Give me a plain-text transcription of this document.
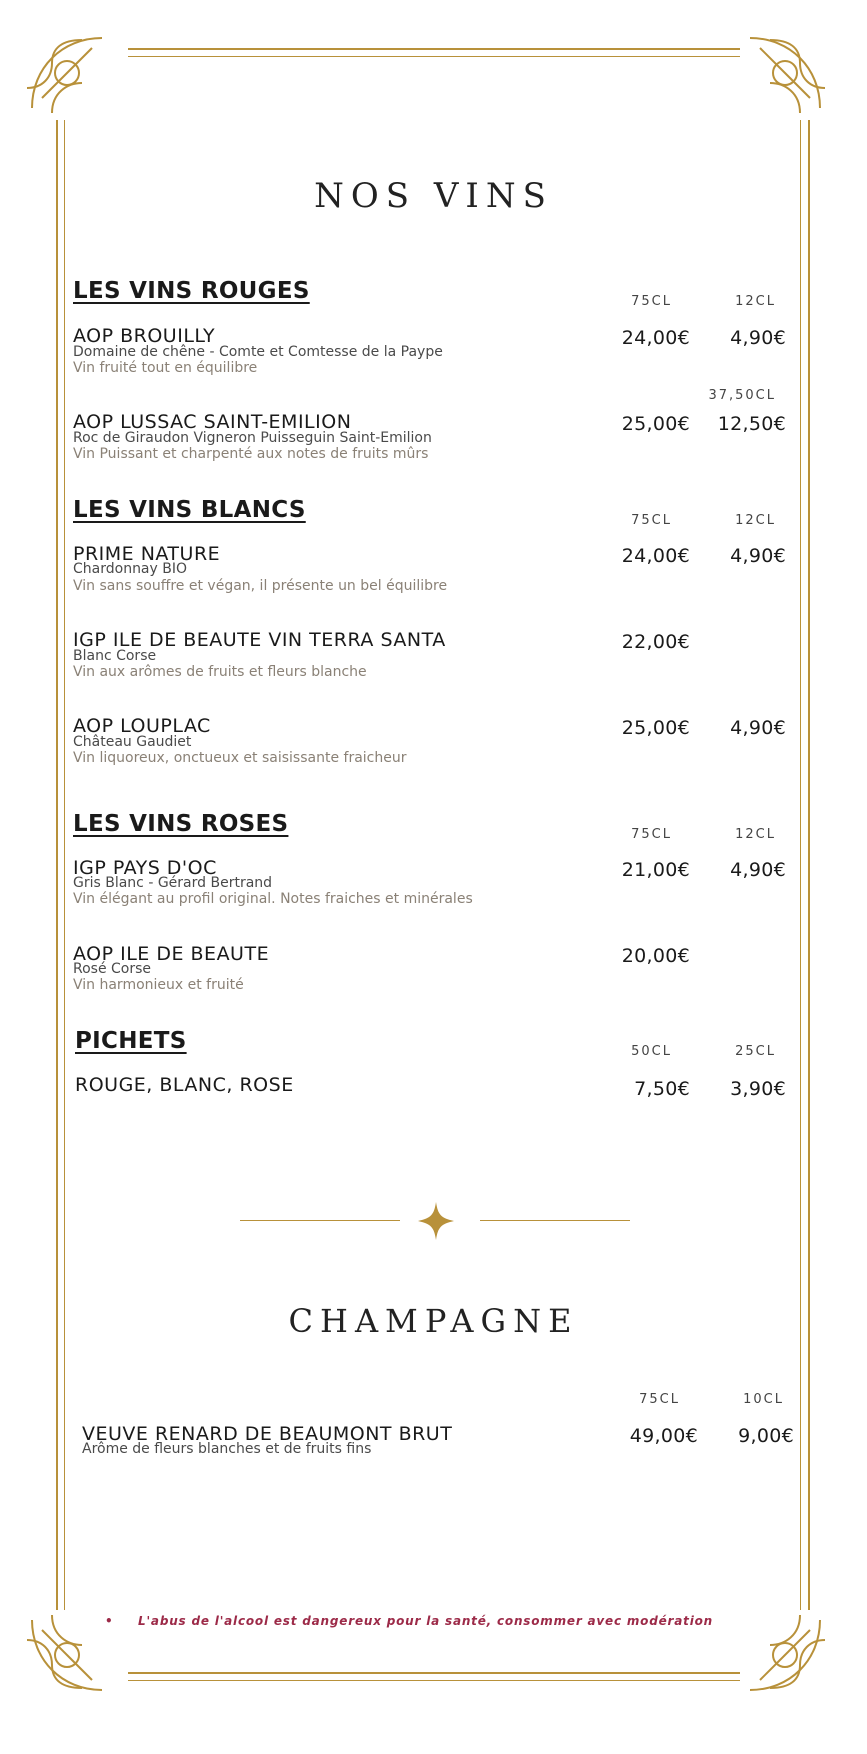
NOS VINS
LES VINS ROUGES	75CL	12CL
AOP BROUILLY
Domaine de chêne - Comte et Comtesse de la Paype
Vin fruité tout en équilibre
24,00€	4,90€
37,50CL
AOP LUSSAC SAINT-EMILION
Roc de Giraudon Vigneron Puisseguin Saint-Emilion
Vin Puissant et charpenté aux notes de fruits mûrs
25,00€	12,50€
LES VINS BLANCS	75CL	12CL
PRIME NATURE
Chardonnay BIO
Vin sans souffre et végan, il présente un bel équilibre
24,00€	4,90€
IGP ILE DE BEAUTE VIN TERRA SANTA
Blanc Corse
Vin aux arômes de fruits et fleurs blanche
22,00€
AOP LOUPLAC
Château Gaudiet
Vin liquoreux, onctueux et saisissante fraicheur
25,00€	4,90€
LES VINS ROSES	75CL	12CL
IGP PAYS D'OC
Gris Blanc - Gérard Bertrand
Vin élégant au profil original. Notes fraiches et minérales
21,00€	4,90€
AOP ILE DE BEAUTE
Rosé Corse
Vin harmonieux et fruité
20,00€
PICHETS	50CL	25CL
ROUGE, BLANC, ROSE	7,50€	3,90€
CHAMPAGNE
75CL	10CL
VEUVE RENARD DE BEAUMONT BRUT
Arôme de fleurs blanches et de fruits fins
49,00€	9,00€
• L'abus de l'alcool est dangereux pour la santé, consommer avec modération
